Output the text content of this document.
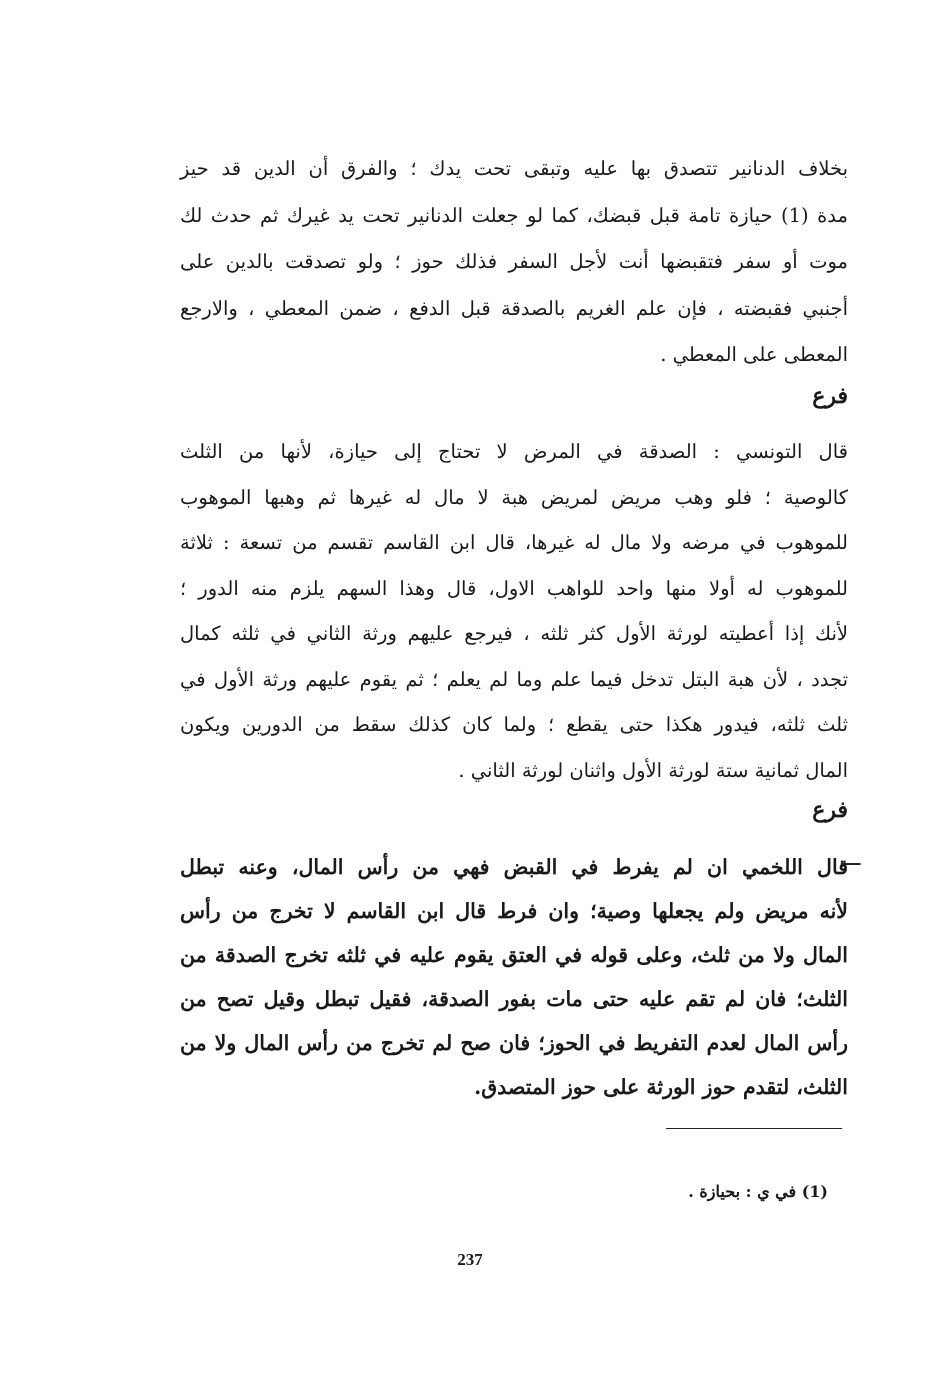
بخلاف الدنانير تتصدق بها عليه وتبقى تحت يدك ؛ والفرق أن الدين قد حيز
مدة (1) حيازة تامة قبل قبضك، كما لو جعلت الدنانير تحت يد غيرك ثم حدث لك
موت أو سفر فتقبضها أنت لأجل السفر فذلك حوز ؛ ولو تصدقت بالدين على
أجنبي فقبضته ، فإن علم الغريم بالصدقة قبل الدفع ، ضمن المعطي ، والارجع
المعطى على المعطي .
فرع
قال التونسي : الصدقة في المرض لا تحتاج إلى حيازة، لأنها من الثلث
كالوصية ؛ فلو وهب مريض لمريض هبة لا مال له غيرها ثم وهبها الموهوب
للموهوب في مرضه ولا مال له غيرها، قال ابن القاسم تقسم من تسعة : ثلاثة
للموهوب له أولا منها واحد للواهب الاول، قال وهذا السهم يلزم منه الدور ؛
لأنك إذا أعطيته لورثة الأول كثر ثلثه ، فيرجع عليهم ورثة الثاني في ثلثه كمال
تجدد ، لأن هبة البتل تدخل فيما علم وما لم يعلم ؛ ثم يقوم عليهم ورثة الأول في
ثلث ثلثه، فيدور هكذا حتى يقطع ؛ ولما كان كذلك سقط من الدورين ويكون
المال ثمانية ستة لورثة الأول واثنان لورثة الثاني .
فرع
ـــ
قال اللخمي ان لم يفرط في القبض فهي من رأس المال، وعنه تبطل
لأنه مريض ولم يجعلها وصية؛ وان فرط قال ابن القاسم لا تخرج من رأس
المال ولا من ثلث، وعلى قوله في العتق يقوم عليه في ثلثه تخرج الصدقة من
الثلث؛ فان لم تقم عليه حتى مات بفور الصدقة، فقيل تبطل وقيل تصح من
رأس المال لعدم التفريط في الحوز؛ فان صح لم تخرج من رأس المال ولا من
الثلث، لتقدم حوز الورثة على حوز المتصدق.
(1) في ي : بحيازة .
237
